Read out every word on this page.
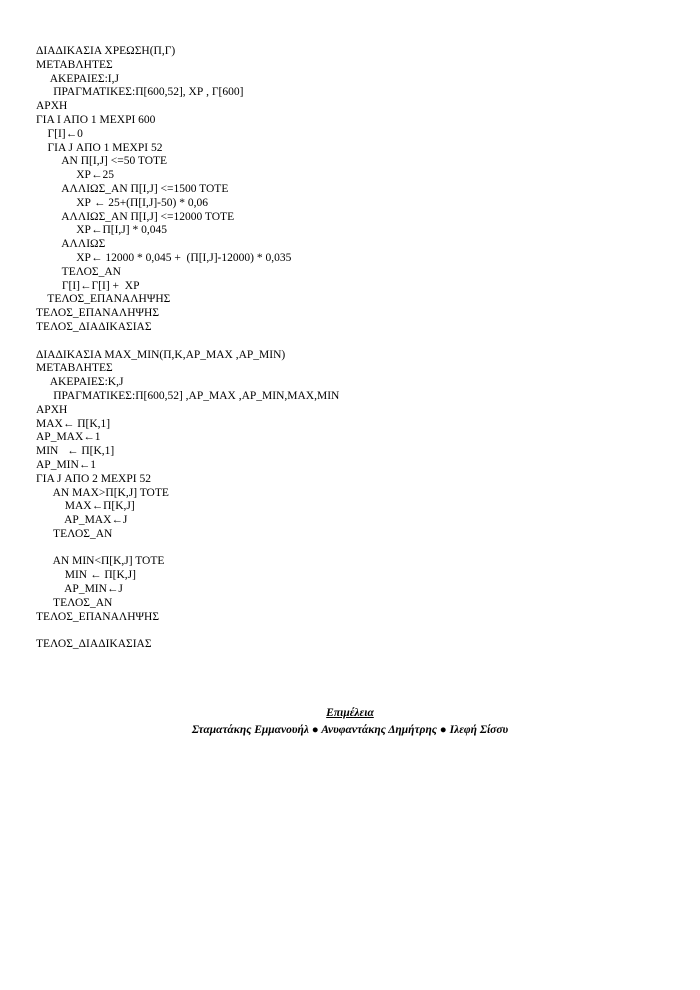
ΔΙΑΔΙΚΑΣΙΑ ΧΡΕΩΣΗ(Π,Γ)
ΜΕΤΑΒΛΗΤΕΣ
ΑΚΕΡΑΙΕΣ:Ι,J
ΠΡΑΓΜΑΤΙΚΕΣ:Π[600,52], ΧΡ , Γ[600]
ΑΡΧΗ
ΓΙΑ Ι ΑΠΟ 1 ΜΕΧΡΙ 600
Γ[Ι]←0
ΓΙΑ J ΑΠΟ 1 ΜΕΧΡΙ 52
ΑΝ Π[Ι,J] <=50 ΤΟΤΕ
ΧΡ←25
ΑΛΛΙΩΣ_ΑΝ Π[Ι,J] <=1500 ΤΟΤΕ
ΧΡ ← 25+(Π[Ι,J]-50) * 0,06
ΑΛΛΙΩΣ_ΑΝ Π[Ι,J] <=12000 ΤΟΤΕ
ΧΡ←Π[Ι,J] * 0,045
ΑΛΛΙΩΣ
ΧΡ← 12000 * 0,045 +  (Π[Ι,J]-12000) * 0,035
ΤΕΛΟΣ_ΑΝ
Γ[Ι]←Γ[Ι] +  ΧΡ
ΤΕΛΟΣ_ΕΠΑΝΑΛΗΨΗΣ
ΤΕΛΟΣ_ΕΠΑΝΑΛΗΨΗΣ
ΤΕΛΟΣ_ΔΙΑΔΙΚΑΣΙΑΣ
ΔΙΑΔΙΚΑΣΙΑ ΜΑΧ_ΜΙΝ(Π,Κ,ΑΡ_ΜΑΧ ,ΑΡ_ΜΙΝ)
ΜΕΤΑΒΛΗΤΕΣ
ΑΚΕΡΑΙΕΣ:Κ,J
ΠΡΑΓΜΑΤΙΚΕΣ:Π[600,52] ,ΑΡ_ΜΑΧ ,ΑΡ_ΜΙΝ,ΜΑΧ,ΜΙΝ
ΑΡΧΗ
ΜΑΧ← Π[Κ,1]
ΑΡ_ΜΑΧ←1
ΜΙΝ   ← Π[Κ,1]
ΑΡ_ΜΙΝ←1
ΓΙΑ J ΑΠΟ 2 ΜΕΧΡΙ 52
ΑΝ ΜΑΧ>Π[Κ,J] ΤΟΤΕ
ΜΑΧ←Π[Κ,J]
ΑΡ_ΜΑΧ←J
ΤΕΛΟΣ_ΑΝ
ΑΝ ΜΙΝ<Π[Κ,J] ΤΟΤΕ
ΜΙΝ ← Π[Κ,J]
ΑΡ_ΜΙΝ←J
ΤΕΛΟΣ_ΑΝ
ΤΕΛΟΣ_ΕΠΑΝΑΛΗΨΗΣ
ΤΕΛΟΣ_ΔΙΑΔΙΚΑΣΙΑΣ
Επιμέλεια
Σταματάκης Εμμανουήλ ● Ανυφαντάκης Δημήτρης ● Ιλεφή Σίσσυ
